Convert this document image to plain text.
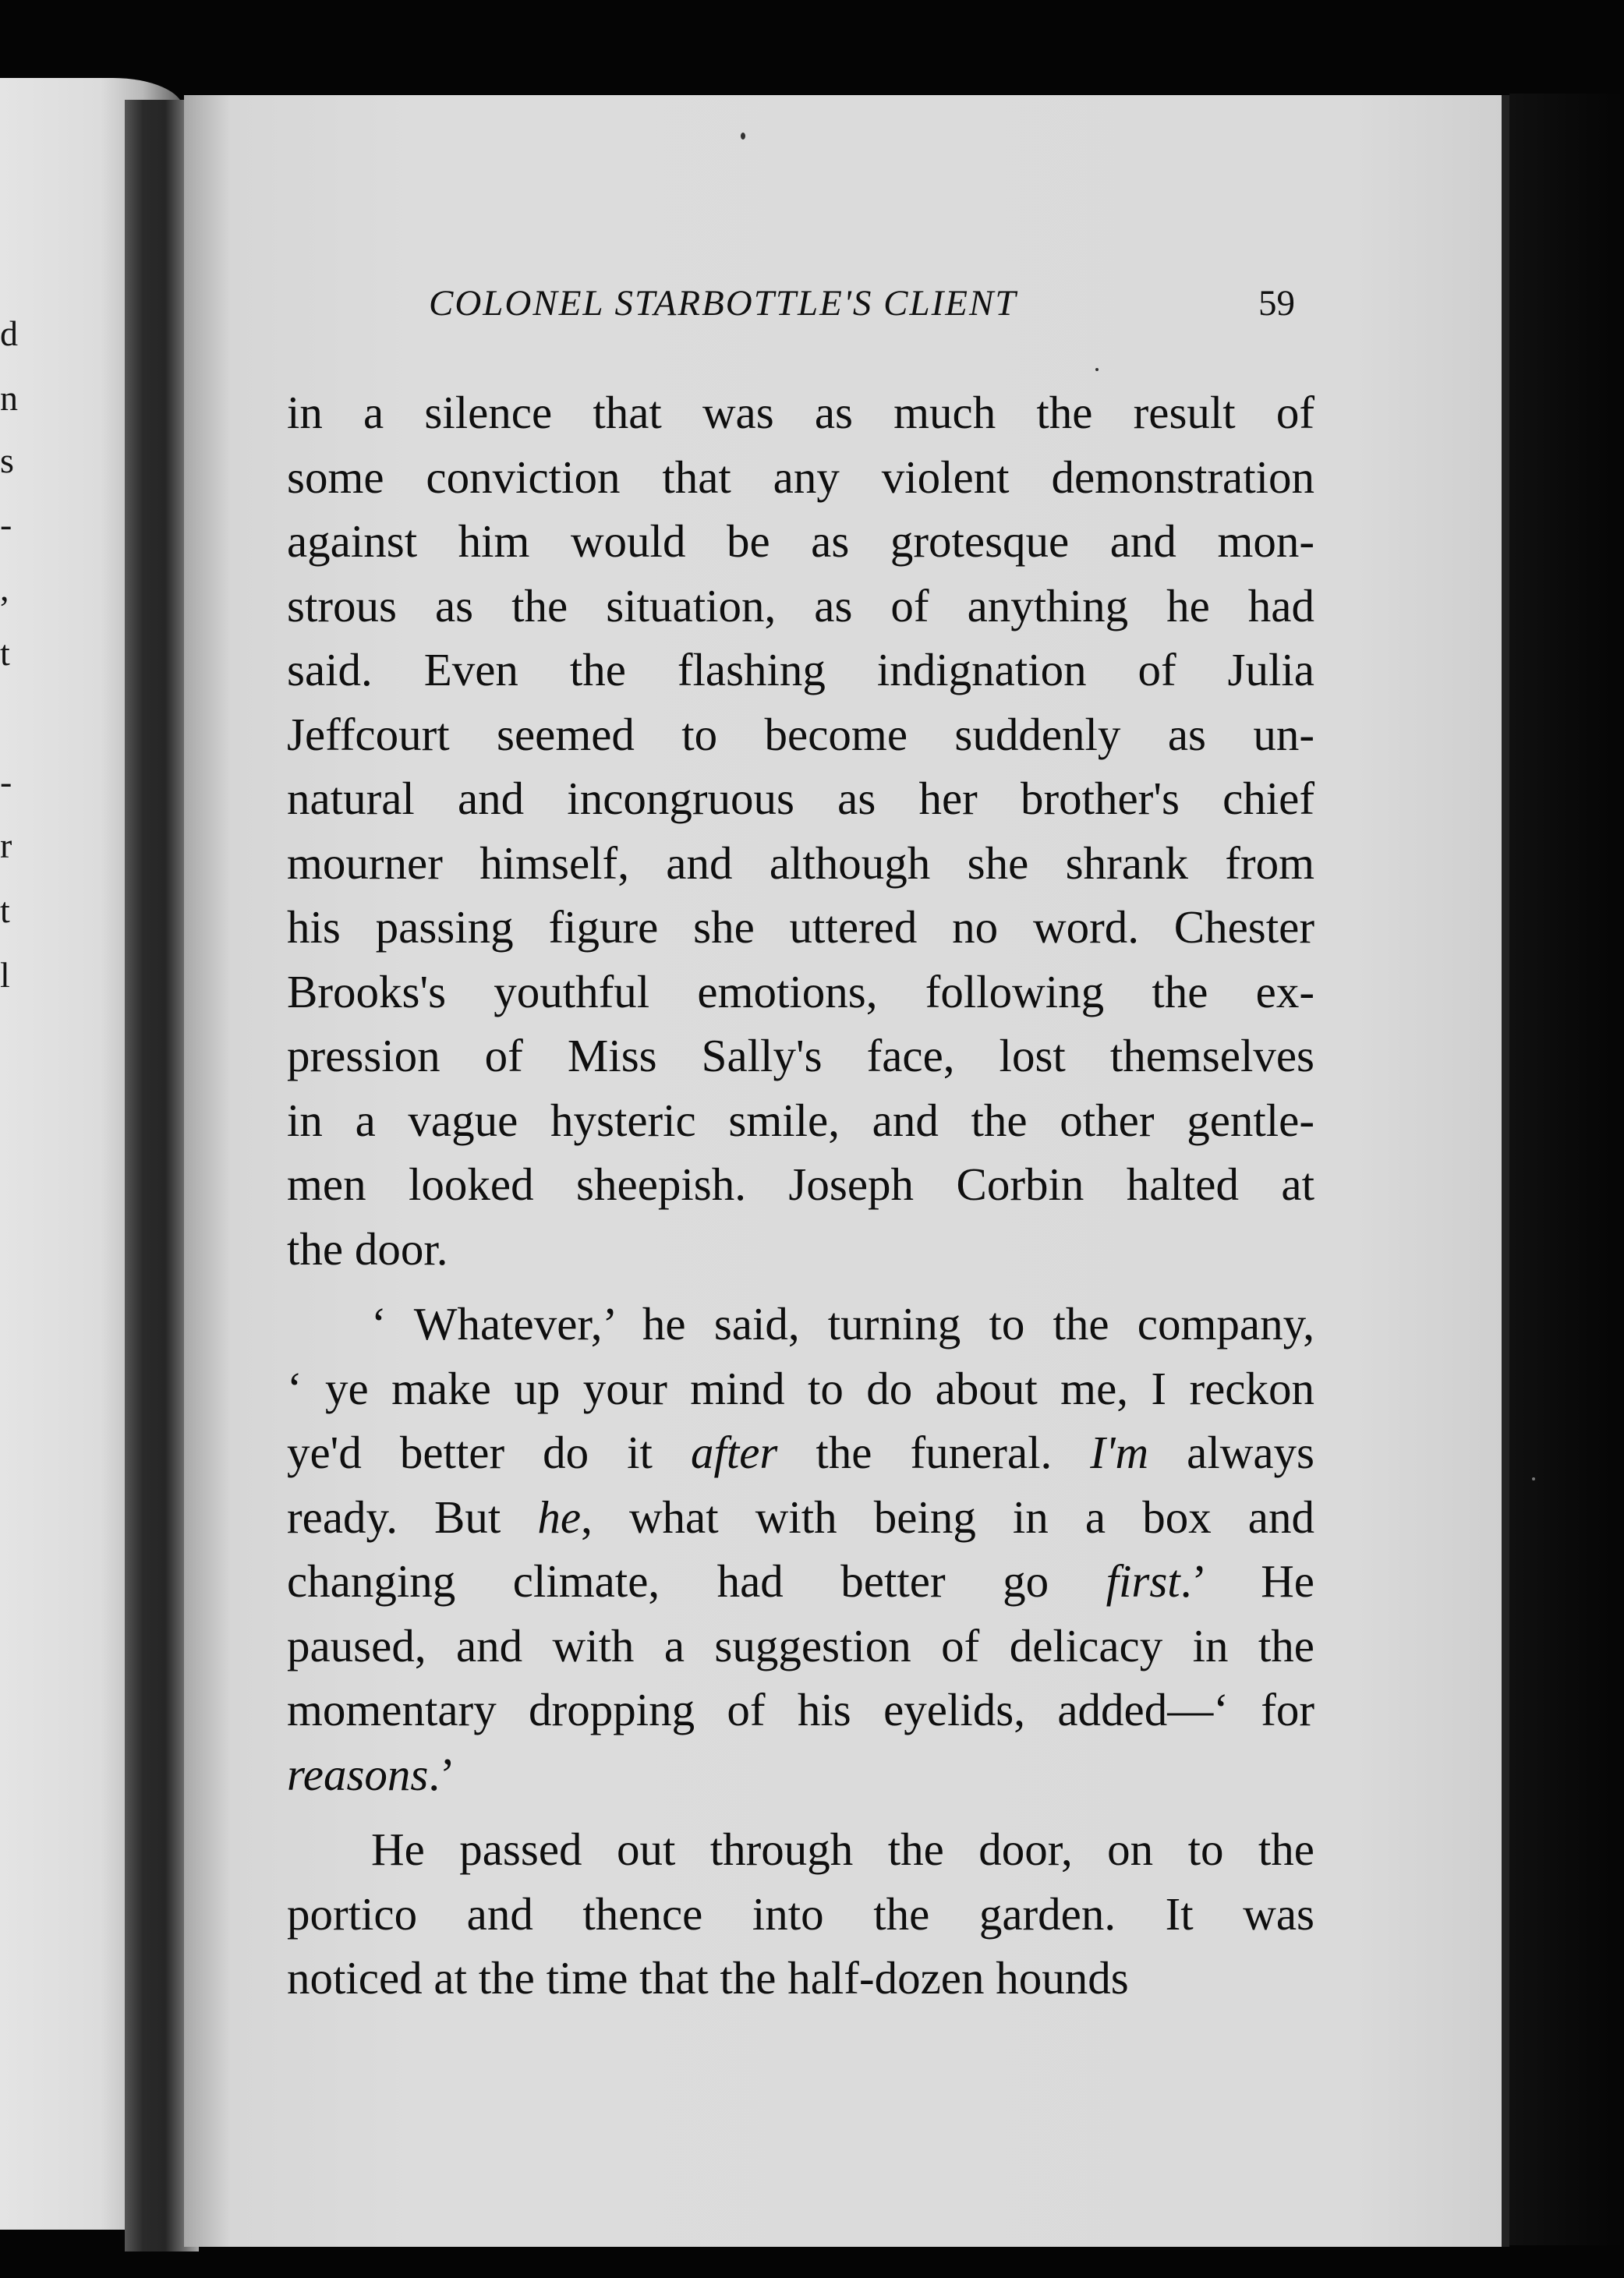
d
n
s
-
,
t
-
r
t
l
COLONEL STARBOTTLE'S CLIENT	59

in a silence that was as much the result of
some conviction that any violent demonstration
against him would be as grotesque and mon-
strous as the situation, as of anything he had
said. Even the flashing indignation of Julia
Jeffcourt seemed to become suddenly as un-
natural and incongruous as her brother's chief
mourner himself, and although she shrank from
his passing figure she uttered no word. Chester
Brooks's youthful emotions, following the ex-
pression of Miss Sally's face, lost themselves
in a vague hysteric smile, and the other gentle-
men looked sheepish. Joseph Corbin halted at
the door.

‘ Whatever,’ he said, turning to the company,
‘ ye make up your mind to do about me, I reckon
ye'd better do it after the funeral. I'm always
ready. But he, what with being in a box and
changing climate, had better go first.’ He
paused, and with a suggestion of delicacy in the
momentary dropping of his eyelids, added—‘ for
reasons.’

He passed out through the door, on to the
portico and thence into the garden. It was
noticed at the time that the half-dozen hounds
